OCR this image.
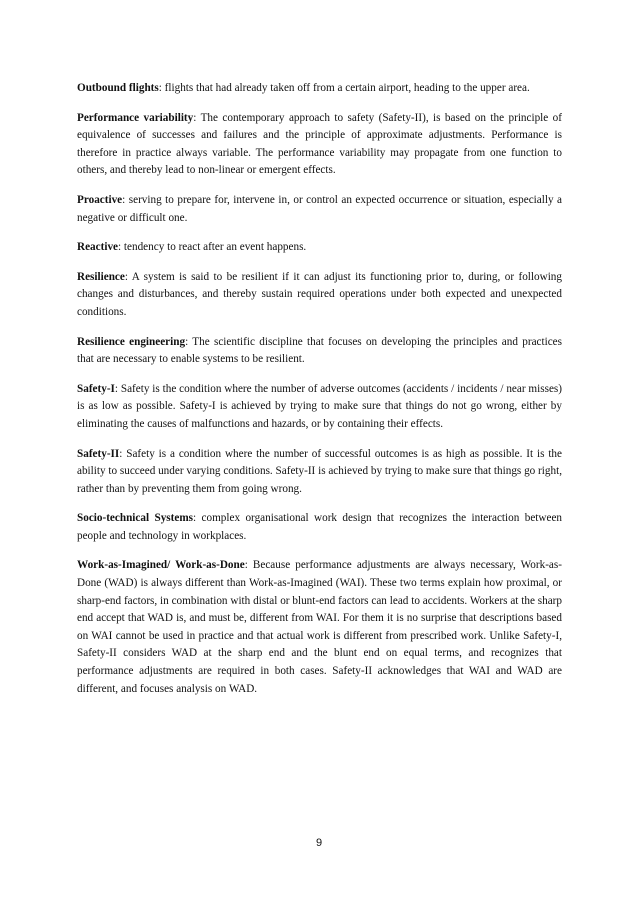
Outbound flights: flights that had already taken off from a certain airport, heading to the upper area.

Performance variability: The contemporary approach to safety (Safety-II), is based on the principle of equivalence of successes and failures and the principle of approximate adjustments. Performance is therefore in practice always variable. The performance variability may propagate from one function to others, and thereby lead to non-linear or emergent effects.

Proactive: serving to prepare for, intervene in, or control an expected occurrence or situation, especially a negative or difficult one.

Reactive: tendency to react after an event happens.

Resilience: A system is said to be resilient if it can adjust its functioning prior to, during, or following changes and disturbances, and thereby sustain required operations under both expected and unexpected conditions.

Resilience engineering: The scientific discipline that focuses on developing the principles and practices that are necessary to enable systems to be resilient.

Safety-I: Safety is the condition where the number of adverse outcomes (accidents / incidents / near misses) is as low as possible. Safety-I is achieved by trying to make sure that things do not go wrong, either by eliminating the causes of malfunctions and hazards, or by containing their effects.

Safety-II: Safety is a condition where the number of successful outcomes is as high as possible. It is the ability to succeed under varying conditions. Safety-II is achieved by trying to make sure that things go right, rather than by preventing them from going wrong.

Socio-technical Systems: complex organisational work design that recognizes the interaction between people and technology in workplaces.

Work-as-Imagined/ Work-as-Done: Because performance adjustments are always necessary, Work-as-Done (WAD) is always different than Work-as-Imagined (WAI). These two terms explain how proximal, or sharp-end factors, in combination with distal or blunt-end factors can lead to accidents. Workers at the sharp end accept that WAD is, and must be, different from WAI. For them it is no surprise that descriptions based on WAI cannot be used in practice and that actual work is different from prescribed work. Unlike Safety-I, Safety-II considers WAD at the sharp end and the blunt end on equal terms, and recognizes that performance adjustments are required in both cases. Safety-II acknowledges that WAI and WAD are different, and focuses analysis on WAD.

9
